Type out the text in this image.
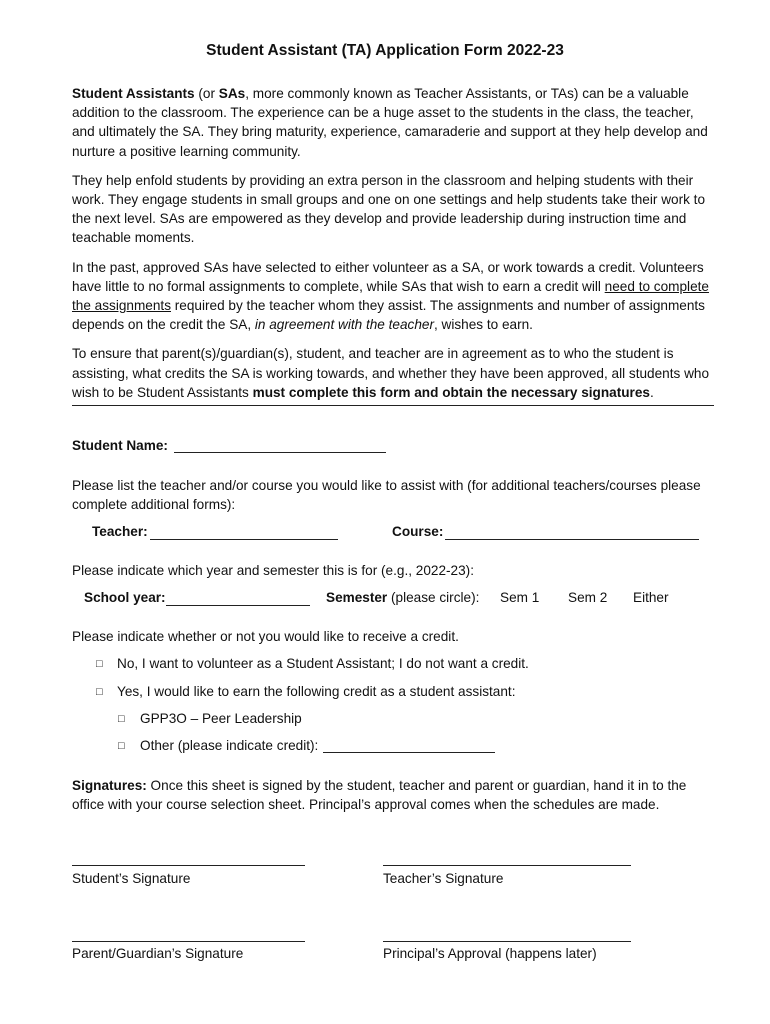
Student Assistant (TA) Application Form 2022-23

Student Assistants (or SAs, more commonly known as Teacher Assistants, or TAs) can be a valuable addition to the classroom. The experience can be a huge asset to the students in the class, the teacher, and ultimately the SA. They bring maturity, experience, camaraderie and support at they help develop and nurture a positive learning community.

They help enfold students by providing an extra person in the classroom and helping students with their work. They engage students in small groups and one on one settings and help students take their work to the next level. SAs are empowered as they develop and provide leadership during instruction time and teachable moments.

In the past, approved SAs have selected to either volunteer as a SA, or work towards a credit. Volunteers have little to no formal assignments to complete, while SAs that wish to earn a credit will need to complete the assignments required by the teacher whom they assist. The assignments and number of assignments depends on the credit the SA, in agreement with the teacher, wishes to earn.

To ensure that parent(s)/guardian(s), student, and teacher are in agreement as to who the student is assisting, what credits the SA is working towards, and whether they have been approved, all students who wish to be Student Assistants must complete this form and obtain the necessary signatures.

Student Name:
Please list the teacher and/or course you would like to assist with (for additional teachers/courses please complete additional forms):
Teacher:	Course:
Please indicate which year and semester this is for (e.g., 2022-23):
School year:	Semester (please circle): Sem 1 Sem 2 Either
Please indicate whether or not you would like to receive a credit.
□ No, I want to volunteer as a Student Assistant; I do not want a credit.
□ Yes, I would like to earn the following credit as a student assistant:
□ GPP3O – Peer Leadership
□ Other (please indicate credit):
Signatures: Once this sheet is signed by the student, teacher and parent or guardian, hand it in to the office with your course selection sheet. Principal’s approval comes when the schedules are made.
Student’s Signature	Teacher’s Signature
Parent/Guardian’s Signature	Principal’s Approval (happens later)
